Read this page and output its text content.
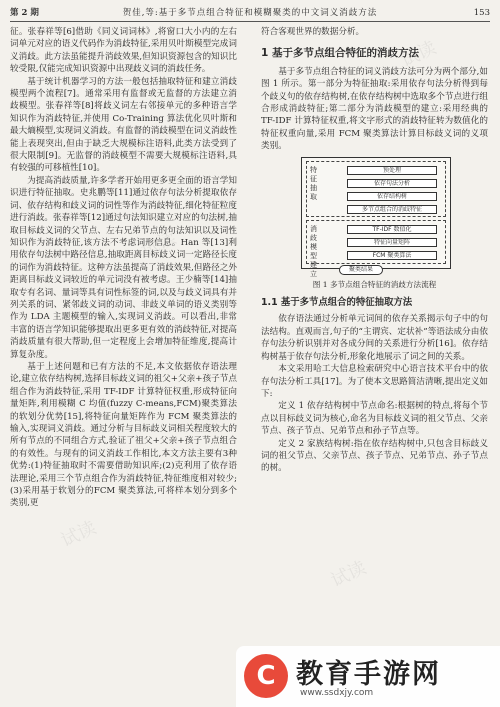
第 2 期	贺佳,等:基于多节点组合特征和模糊聚类的中文词义消歧方法	153

征。张春祥等[6]借助《同义词词林》,将窗口大小内的左右词单元对应的语义代码作为消歧特征,采用贝叶斯模型完成词义消歧。此方法虽能提升消歧效果,但知识资源包含的知识比较受限,仅能完成知识资源中出现歧义词的消歧任务。

基于统计机器学习的方法一般包括抽取特征和建立消歧模型两个流程[7]。通常采用有监督或无监督的方法建立消歧模型。张春祥等[8]将歧义词左右邻接单元的多种语言学知识作为消歧特征,并使用 Co-Training 算法优化贝叶斯和最大熵模型,实现词义消歧。有监督的消歧模型在词义消歧性能上表现突出,但由于缺乏大规模标注语料,此类方法受到了很大限制[9]。无监督的消歧模型不需要大规模标注语料,具有较强的可移植性[10]。

为提高消歧质量,许多学者开始用更多更全面的语言学知识进行特征抽取。史兆鹏等[11]通过依存句法分析提取依存词、依存结构和歧义词的词性等作为消歧特征,细化特征粒度进行消歧。张春祥等[12]通过句法知识建立对应的句法树,抽取目标歧义词的父节点、左右兄弟节点的句法知识以及词性知识作为消歧特征,该方法不考虑词形信息。Han 等[13]利用依存句法树中路径信息,抽取距离目标歧义词一定路径长度的词作为消歧特征。这种方法虽提高了消歧效果,但路径之外距离目标歧义词较近的单元词没有被考虑。王少楠等[14]抽取专有名词、量词等具有词性标签的词,以及与歧义词具有并列关系的词、紧邻歧义词的动词、非歧义单词的语义类别等作为 LDA 主题模型的输入,实现词义消歧。可以看出,非常丰富的语言学知识能够提取出更多更有效的消歧特征,对提高消歧质量有很大帮助,但一定程度上会增加特征维度,提高计算复杂度。

基于上述问题和已有方法的不足,本文依据依存语法理论,建立依存结构树,选择目标歧义词的祖父+父亲+孩子节点组合作为消歧特征,采用 TF-IDF 计算特征权重,形成特征向量矩阵,利用模糊 C 均值(fuzzy C-means,FCM)聚类算法的软划分优势[15],将特征向量矩阵作为 FCM 聚类算法的输入,实现词义消歧。通过分析与目标歧义词相关程度较大的所有节点的不同组合方式,验证了祖父+父亲+孩子节点组合的有效性。与现有的词义消歧工作相比,本文方法主要有3种优势:(1)特征抽取时不需要借助知识库;(2)克利用了依存语法理论,采用三个节点组合作为消歧特征,特征维度相对较少;(3)采用基于软划分的FCM 聚类算法,可将样本划分到多个类别,更

符合客观世界的数据分析。

1 基于多节点组合特征的消歧方法

基于多节点组合特征的词义消歧方法可分为两个部分,如图 1 所示。第一部分为特征抽取:采用依存句法分析得到每个歧义句的依存结构树,在依存结构树中选取多个节点进行组合形成消歧特征;第二部分为消歧模型的建立:采用经典的 TF-IDF 计算特征权重,将文字形式的消歧特征转为数值化的特征权重向量,采用 FCM 聚类算法计算目标歧义词的义项类别。

特征抽取
预处理
依存句法分析
依存结构树
多节点组合的消歧特征
消歧模型建立
TF-IDF 数值化
特征向量矩阵
FCM 聚类算法
聚类结果
图 1 多节点组合特征的消歧方法流程
1.1 基于多节点组合的特征抽取方法

依存语法通过分析单元词间的依存关系揭示句子中的句法结构。直观而言,句子的“主谓宾、定状补”等语法成分由依存句法分析识别并对各成分间的关系进行分析[16]。依存结构树基于依存句法分析,形象化地展示了词之间的关系。

本文采用哈工大信息检索研究中心语言技术平台中的依存句法分析工具[17]。为了使本文思路简洁清晰,提出定义如下:

定义 1 依存结构树中节点命名:根据树的特点,将每个节点以目标歧义词为核心,命名为目标歧义词的祖父节点、父亲节点、孩子节点、兄弟节点和孙子节点等。

定义 2 家族结构树:指在依存结构树中,只包含目标歧义词的祖父节点、父亲节点、孩子节点、兄弟节点、孙子节点的树。

试读
试读
试读
试读
C 教育手游网
www.ssdxjy.com
